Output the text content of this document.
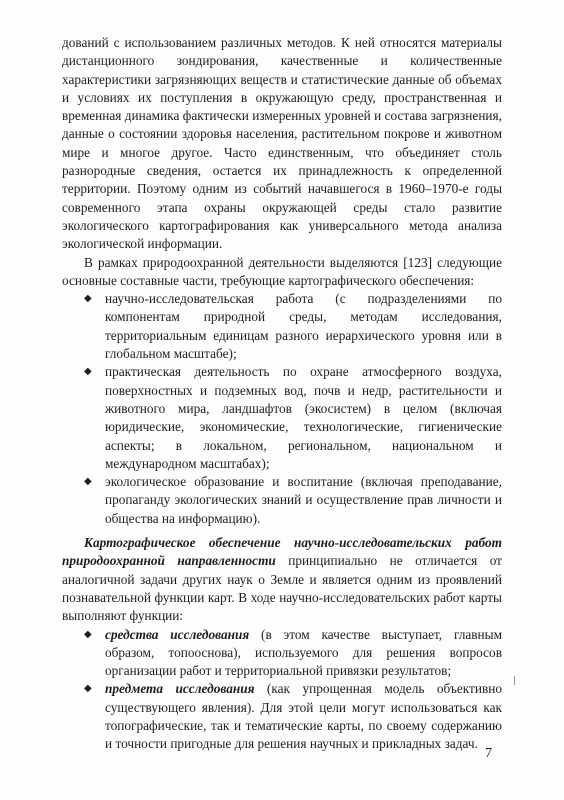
дований с использованием различных методов. К ней относятся материалы дистанционного зондирования, качественные и количественные характеристики загрязняющих веществ и статистические данные об объемах и условиях их поступления в окружающую среду, пространственная и временная динамика фактически измеренных уровней и состава загрязнения, данные о состоянии здоровья населения, растительном покрове и животном мире и многое другое. Часто единственным, что объединяет столь разнородные сведения, остается их принадлежность к определенной территории. Поэтому одним из событий начавшегося в 1960–1970-е годы современного этапа охраны окружающей среды стало развитие экологического картографирования как универсального метода анализа экологической информации.

В рамках природоохранной деятельности выделяются [123] следующие основные составные части, требующие картографического обеспечения:

◆ научно-исследовательская работа (с подразделениями по компонентам природной среды, методам исследования, территориальным единицам разного иерархического уровня или в глобальном масштабе);
◆ практическая деятельность по охране атмосферного воздуха, поверхностных и подземных вод, почв и недр, растительности и животного мира, ландшафтов (экосистем) в целом (включая юридические, экономические, технологические, гигиенические аспекты; в локальном, региональном, национальном и международном масштабах);
◆ экологическое образование и воспитание (включая преподавание, пропаганду экологических знаний и осуществление прав личности и общества на информацию).

Картографическое обеспечение научно-исследовательских работ природоохранной направленности принципиально не отличается от аналогичной задачи других наук о Земле и является одним из проявлений познавательной функции карт. В ходе научно-исследовательских работ карты выполняют функции:

◆ средства исследования (в этом качестве выступает, главным образом, топооснова), используемого для решения вопросов организации работ и территориальной привязки результатов;
◆ предмета исследования (как упрощенная модель объективно существующего явления). Для этой цели могут использоваться как топографические, так и тематические карты, по своему содержанию и точности пригодные для решения научных и прикладных задач.
7
